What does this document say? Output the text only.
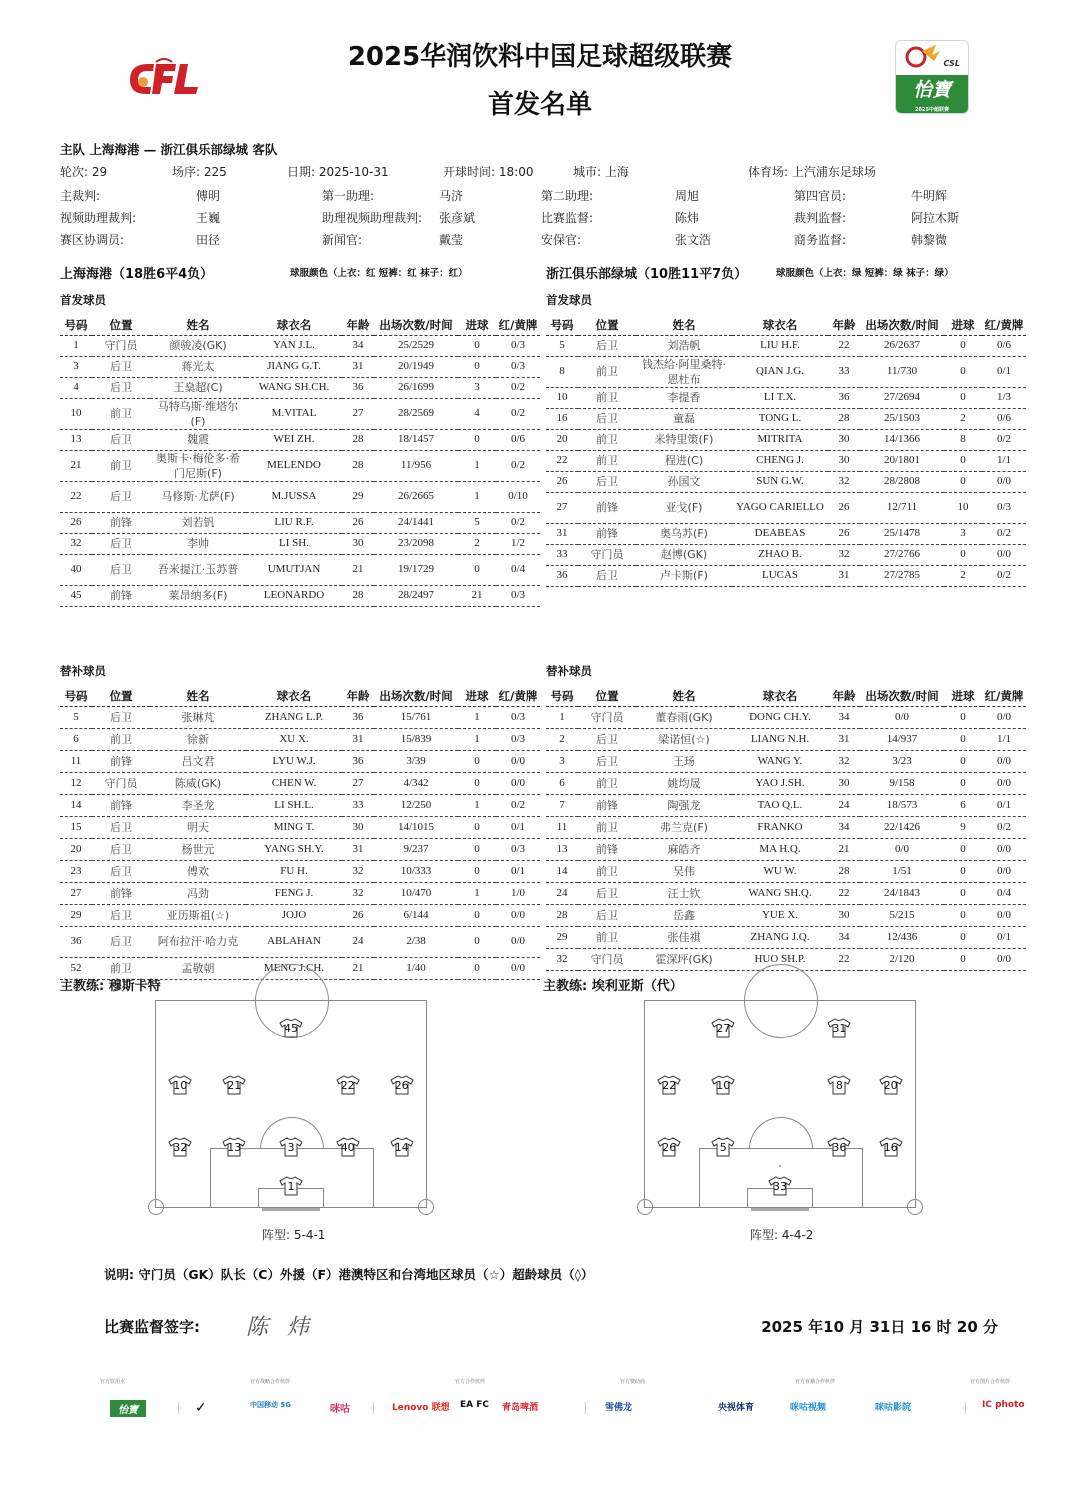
2025华润饮料中国足球超级联赛
首发名单
CSL
怡寶
2025中超联赛
主队 上海海港 — 浙江俱乐部绿城 客队
轮次: 29	场序: 225	日期: 2025-10-31	开球时间: 18:00	城市: 上海	体育场: 上汽浦东足球场
主裁判:	傅明	第一助理:	马济	第二助理:	周旭	第四官员:	牛明辉
视频助理裁判:	王巍	助理视频助理裁判: 张彦斌	比赛监督:	陈炜	裁判监督:	阿拉木斯
赛区协调员:	田径	新闻官:	戴莹	安保官:	张文浩	商务监督:	韩黎微
上海海港（18胜6平4负）	球服颜色（上衣：红 短裤：红 袜子：红）
首发球员
号码	位置	姓名	球衣名	年龄	出场次数/时间	进球	红/黄牌
1	守门员	颜骏凌(GK)	YAN J.L.	34	25/2529	0	0/3
3	后卫	蒋光太	JIANG G.T.	31	20/1949	0	0/3
4	后卫	王燊超(C)	WANG SH.CH.	36	26/1699	3	0/2
10	前卫	马特乌斯·维塔尔(F)	M.VITAL	27	28/2569	4	0/2
13	后卫	魏震	WEI ZH.	28	18/1457	0	0/6
21	前卫	奥斯卡·梅伦多·希门尼斯(F)	MELENDO	28	11/956	1	0/2
22	后卫	马修斯·尤萨(F)	M.JUSSA	29	26/2665	1	0/10
26	前锋	刘若钒	LIU R.F.	26	24/1441	5	0/2
32	后卫	李帅	LI SH.	30	23/2098	2	1/2
40	后卫	吾米提江·玉苏普	UMUTJAN	21	19/1729	0	0/4
45	前锋	莱昂纳多(F)	LEONARDO	28	28/2497	21	0/3
替补球员
号码	位置	姓名	球衣名	年龄	出场次数/时间	进球	红/黄牌
5	后卫	张琳芃	ZHANG L.P.	36	15/761	1	0/3
6	前卫	徐新	XU X.	31	15/839	1	0/3
11	前锋	吕文君	LYU W.J.	36	3/39	0	0/0
12	守门员	陈威(GK)	CHEN W.	27	4/342	0	0/0
14	前锋	李圣龙	LI SH.L.	33	12/250	1	0/2
15	后卫	明天	MING T.	30	14/1015	0	0/1
20	后卫	杨世元	YANG SH.Y.	31	9/237	0	0/3
23	后卫	傅欢	FU H.	32	10/333	0	0/1
27	前锋	冯劲	FENG J.	32	10/470	1	1/0
29	后卫	亚历斯祖(☆)	JOJO	26	6/144	0	0/0
36	后卫	阿布拉汗·哈力克	ABLAHAN	24	2/38	0	0/0
52	前卫	孟敬朝	MENG J.CH.	21	1/40	0	0/0
主教练: 穆斯卡特
浙江俱乐部绿城（10胜11平7负）	球服颜色（上衣：绿 短裤：绿 袜子：绿）
首发球员
号码	位置	姓名	球衣名	年龄	出场次数/时间	进球	红/黄牌
5	后卫	刘浩帆	LIU H.F.	22	26/2637	0	0/6
8	前卫	钱杰给·阿里桑特·恩杜布	QIAN J.G.	33	11/730	0	0/1
10	前卫	李提香	LI T.X.	36	27/2694	0	1/3
16	后卫	童磊	TONG L.	28	25/1503	2	0/6
20	前卫	米特里策(F)	MITRITA	30	14/1366	8	0/2
22	前卫	程进(C)	CHENG J.	30	20/1801	0	1/1
26	后卫	孙国文	SUN G.W.	32	28/2808	0	0/0
27	前锋	亚戈(F)	YAGO CARIELLO	26	12/711	10	0/3
31	前锋	奥乌苏(F)	DEABEAS	26	25/1478	3	0/2
33	守门员	赵博(GK)	ZHAO B.	32	27/2766	0	0/0
36	后卫	卢卡斯(F)	LUCAS	31	27/2785	2	0/2
替补球员
号码	位置	姓名	球衣名	年龄	出场次数/时间	进球	红/黄牌
1	守门员	董春雨(GK)	DONG CH.Y.	34	0/0	0	0/0
2	后卫	梁诺恒(☆)	LIANG N.H.	31	14/937	0	1/1
3	后卫	王玚	WANG Y.	32	3/23	0	0/0
6	前卫	姚均晟	YAO J.SH.	30	9/158	0	0/0
7	前锋	陶强龙	TAO Q.L.	24	18/573	6	0/1
11	前卫	弗兰克(F)	FRANKO	34	22/1426	9	0/2
13	前锋	麻皓齐	MA H.Q.	21	0/0	0	0/0
14	前卫	吴伟	WU W.	28	1/51	0	0/0
24	后卫	汪士钦	WANG SH.Q.	22	24/1843	0	0/4
28	后卫	岳鑫	YUE X.	30	5/215	0	0/0
29	前卫	张佳祺	ZHANG J.Q.	34	12/436	0	0/1
32	守门员	霍深坪(GK)	HUO SH.P.	22	2/120	0	0/0
主教练: 埃利亚斯（代）
45
10	21	22	26
32	13	3	40	14
1
阵型: 5-4-1
27	31
22	10	8	20
26	5	36	16
33
阵型: 4-4-2
说明: 守门员（GK）队长（C）外援（F）港澳特区和台湾地区球员（☆）超龄球员（◊）
比赛监督签字: 陈 炜	2025 年10 月 31日 16 时 20 分
官方饮用水	官方战略合作伙伴	官方合作伙伴	官方赞助商	官方直播合作伙伴	官方图片合作伙伴
怡寶	✓	中国移动 5G	咪咕	Lenovo 联想 EA FC 青岛啤酒	雪佛龙	央视体育	咪咕视频	咪咕影院	IC photo
